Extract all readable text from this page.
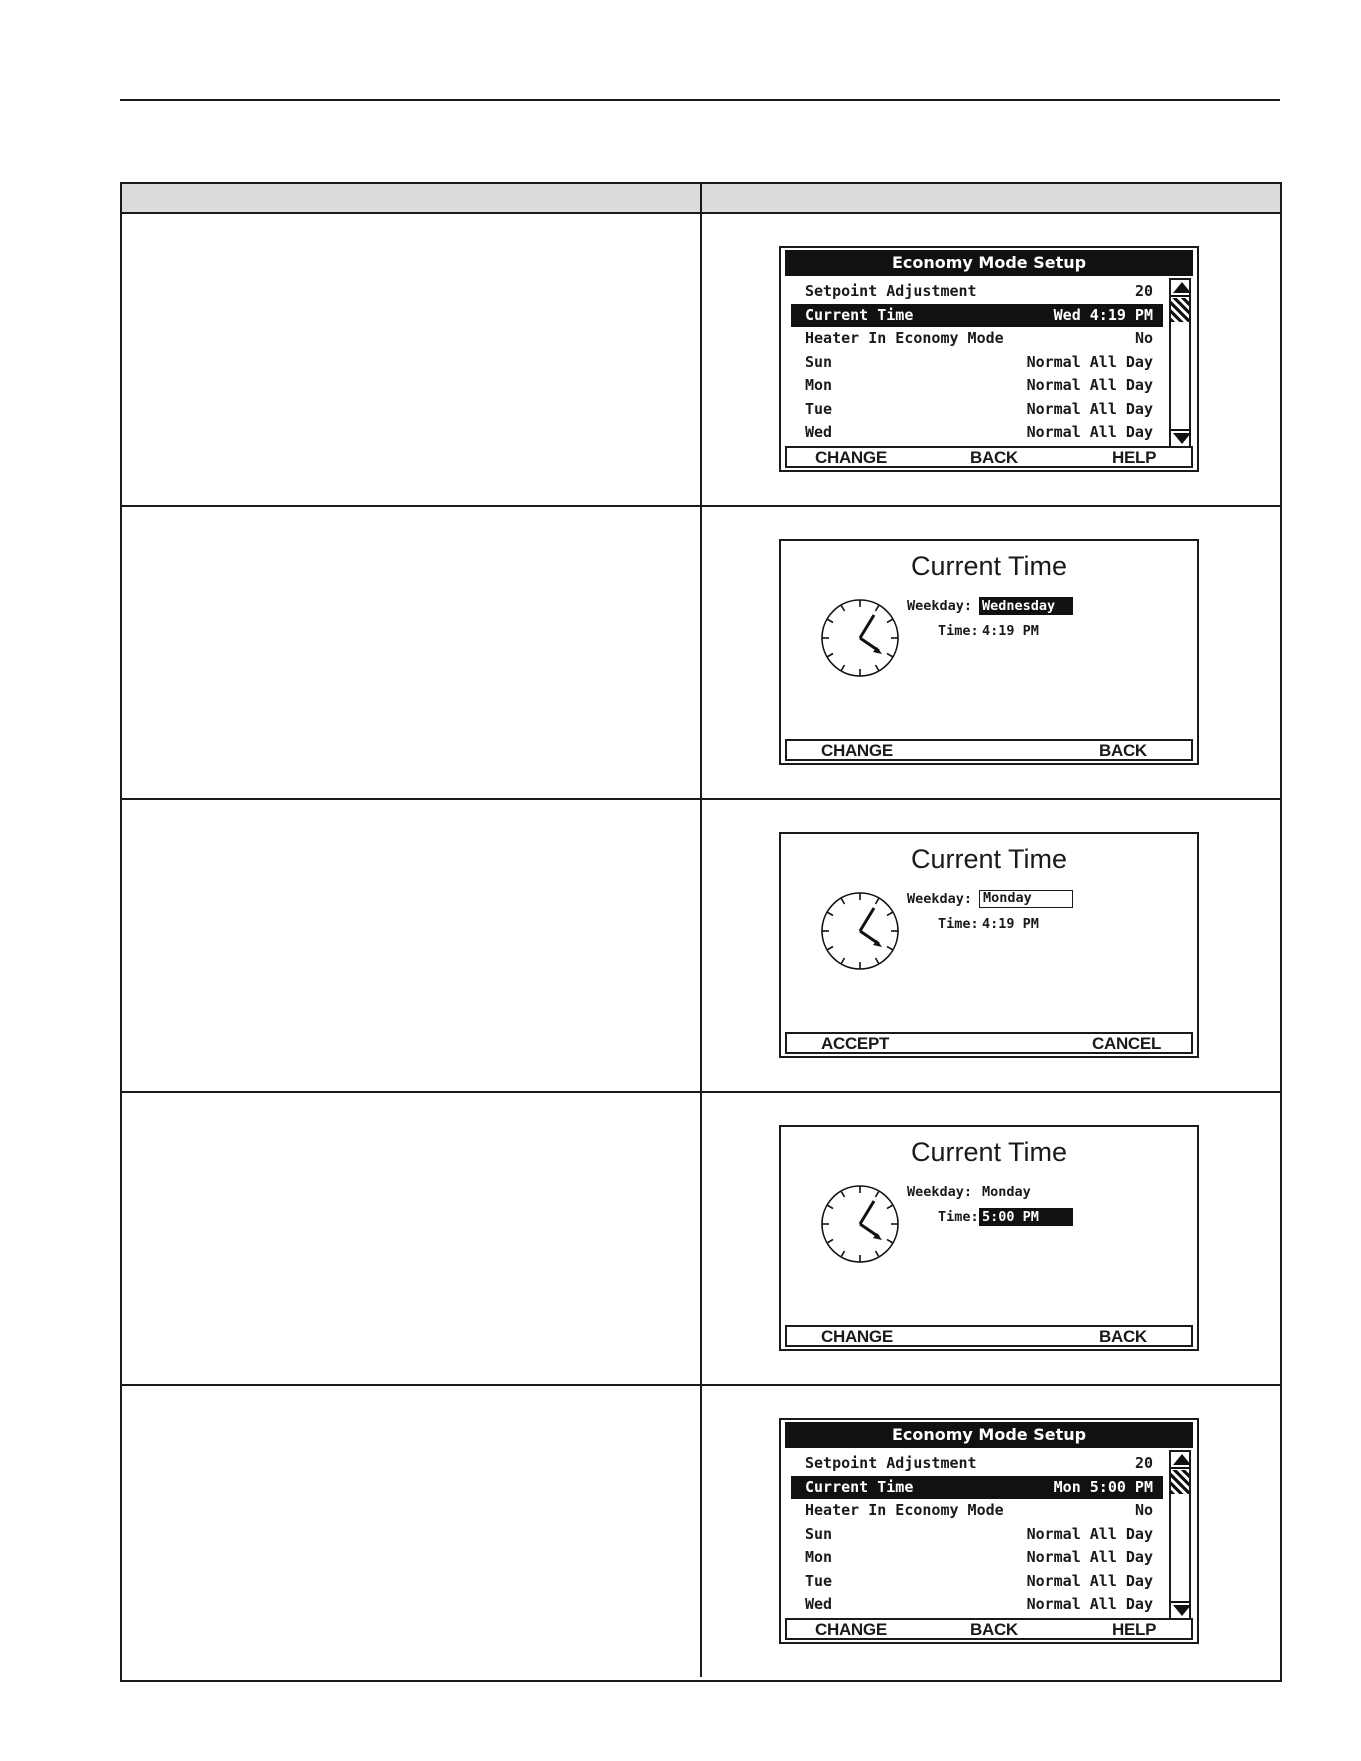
Economy Mode Setup
Setpoint Adjustment	20
Current Time	Wed 4:19 PM
Heater In Economy Mode	No
Sun	Normal All Day
Mon	Normal All Day
Tue	Normal All Day
Wed	Normal All Day
CHANGE	BACK	HELP
Current Time
Weekday: Wednesday
Time: 4:19 PM
CHANGE	BACK
Current Time
Weekday: Monday
Time: 4:19 PM
ACCEPT	CANCEL
Current Time
Weekday: Monday
Time: 5:00 PM
CHANGE	BACK
Economy Mode Setup
Setpoint Adjustment	20
Current Time	Mon 5:00 PM
Heater In Economy Mode	No
Sun	Normal All Day
Mon	Normal All Day
Tue	Normal All Day
Wed	Normal All Day
CHANGE	BACK	HELP
